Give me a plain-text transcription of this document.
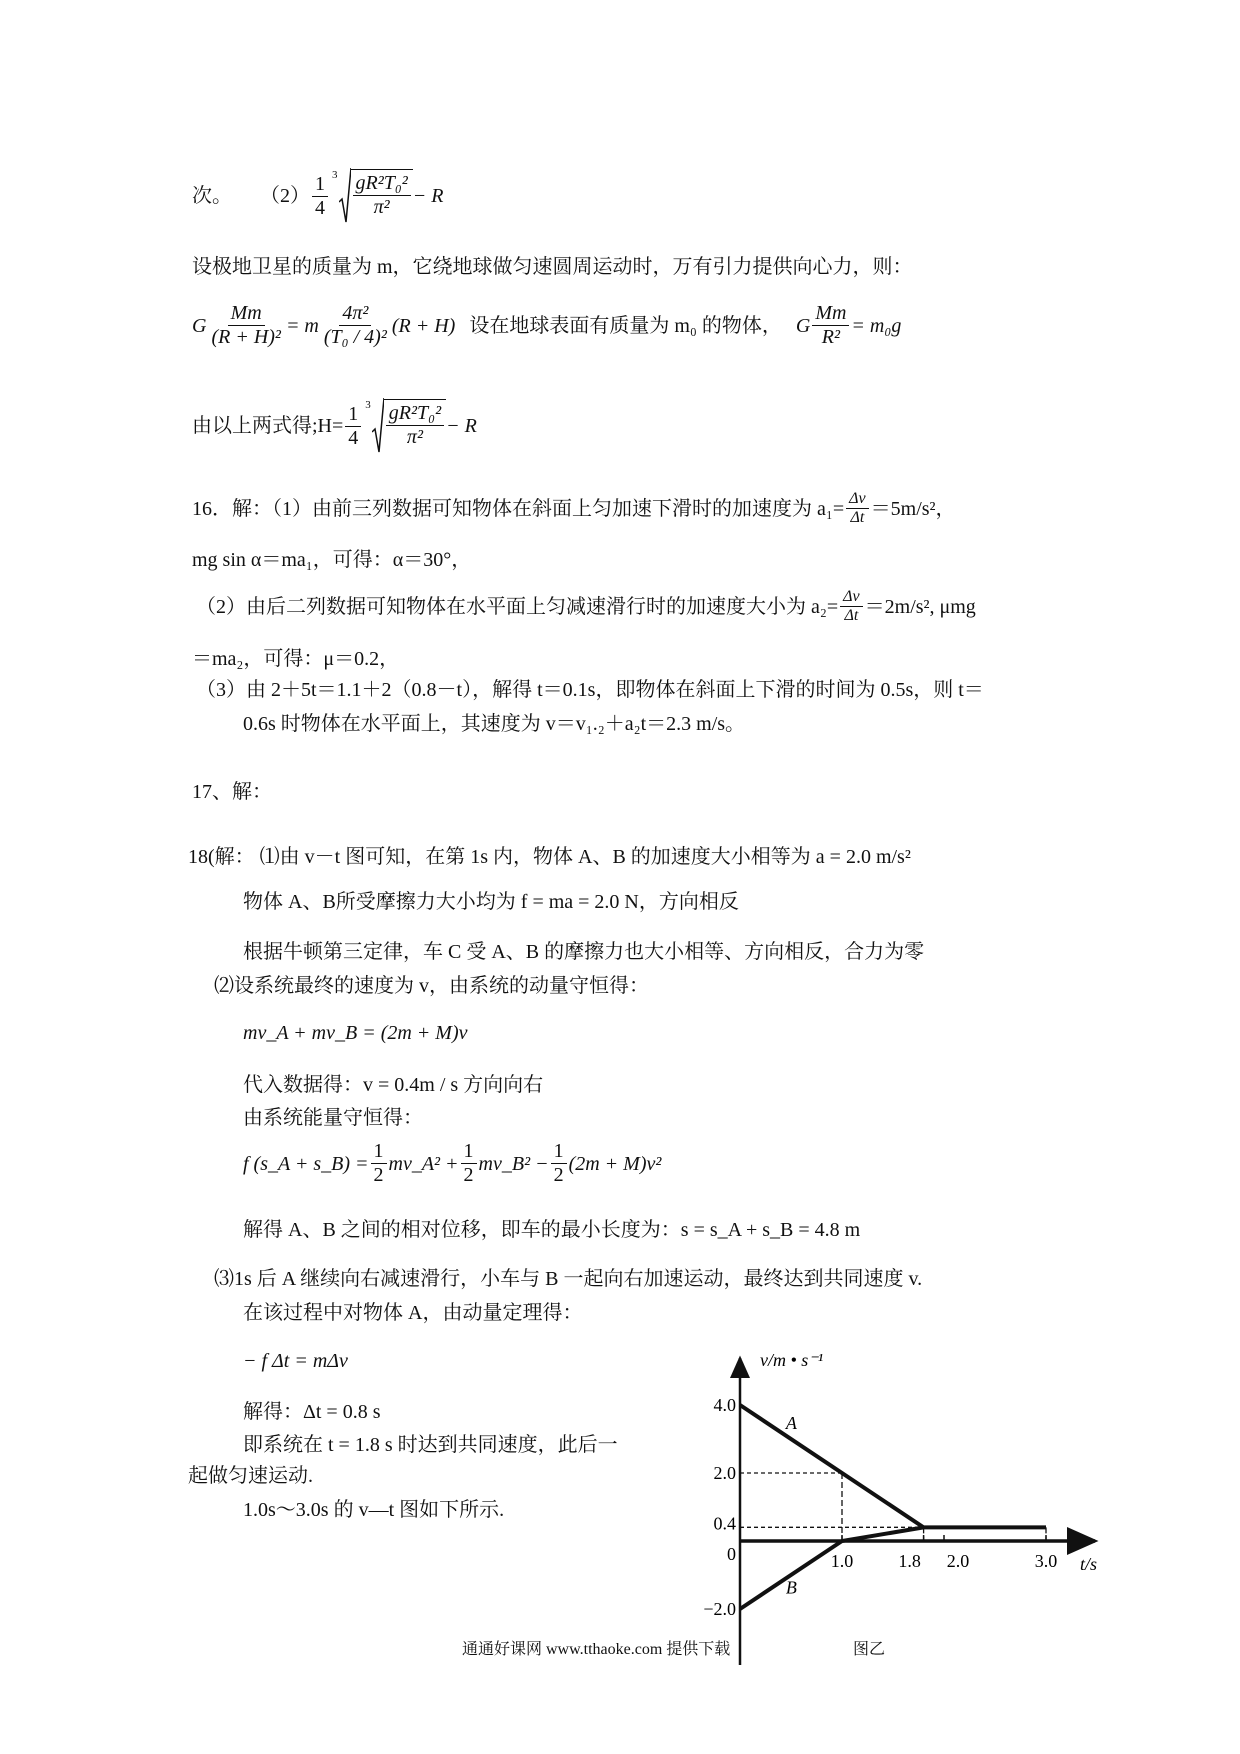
次。 $(2) \frac{1}{4} 3 \frac{\text{gR²T₀²}}{\text{π²}} - R$
设极地卫星的质量为 m，它绕地球做匀速圆周运动时，万有引力提供向心力，则：
G $\frac{Mm}{\text{(R + H)²}} = m \frac{\text{4π²}}{\text{(T₀ / 4)²}} (R + H)$ 设在地球表面有质量为 m₀ 的物体， G $\frac{Mm}{\text{R²}} = m_0g$
由以上两式得;H= $\frac{1}{4} 3 \frac{\text{gR²T₀²}}{\text{π²}} - R$
16．解：（1）由前三列数据可知物体在斜面上匀加速下滑时的加速度为 $a_1= \frac{\Delta v}{\Delta t} =5m/s^2$，
mg sin α＝ma₁，可得：α＝30°，
（2）由后二列数据可知物体在水平面上匀减速滑行时的加速度大小为 $a_2= \frac{\Delta v}{\Delta t} =2m/s^2$, μmg
＝ma₂，可得：μ＝0.2，
（3）由 2＋5t＝1.1＋2（0.8－t），解得 t＝0.1s，即物体在斜面上下滑的时间为 0.5s，则 t＝
0.6s 时物体在水平面上，其速度为 v＝v₁.₂＋a₂t＝2.3 m/s。
17、解：
18(解： ⑴由 v－t 图可知，在第 1s 内，物体 A、B 的加速度大小相等为 a = 2.0 m/s²
物体 A、B所受摩擦力大小均为 f = ma = 2.0 N，方向相反
根据牛顿第三定律，车 C 受 A、B 的摩擦力也大小相等、方向相反，合力为零
⑵设系统最终的速度为 v，由系统的动量守恒得：
mv_A + mv_B = (2m + M)v
代入数据得：v = 0.4m / s 方向向右
由系统能量守恒得：
f (s_A + s_B) = $\frac{1}{2}$ mv_A² + $\frac{1}{2}$ mv_B² − $\frac{1}{2} (2m + M)v^2$
解得 A、B 之间的相对位移，即车的最小长度为：s = s_A + s_B = 4.8 m
⑶1s 后 A 继续向右减速滑行，小车与 B 一起向右加速运动，最终达到共同速度 v.
在该过程中对物体 A，由动量定理得：
− f Δt = mΔv
解得：Δt = 0.8 s
即系统在 t = 1.8 s 时达到共同速度，此后一
起做匀速运动.
1.0s～3.0s 的 v—t 图如下所示.
v/m • s⁻¹
t/s
A
B
4.0
2.0
0.4
0
−2.0
1.0	1.8 2.0	3.0
通通好课网 www.tthaoke.com 提供下载	图乙
